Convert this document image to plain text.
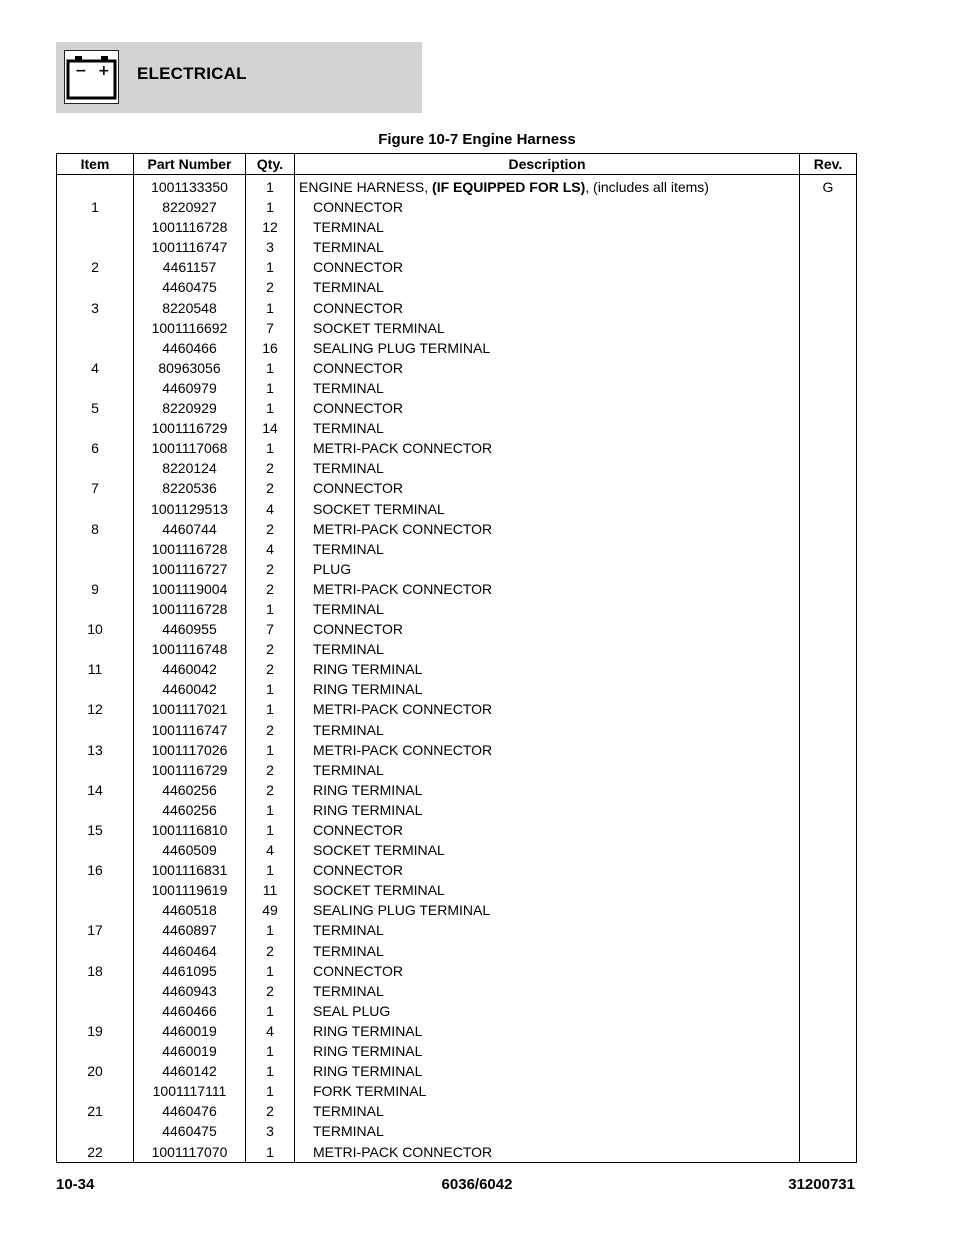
− + ELECTRICAL
Figure 10-7 Engine Harness
Item	Part Number	Qty.	Description	Rev.
	1001133350	1	ENGINE HARNESS, (IF EQUIPPED FOR LS), (includes all items)	G
1	8220927	1	CONNECTOR	
	1001116728	12	TERMINAL	
	1001116747	3	TERMINAL	
2	4461157	1	CONNECTOR	
	4460475	2	TERMINAL	
3	8220548	1	CONNECTOR	
	1001116692	7	SOCKET TERMINAL	
	4460466	16	SEALING PLUG TERMINAL	
4	80963056	1	CONNECTOR	
	4460979	1	TERMINAL	
5	8220929	1	CONNECTOR	
	1001116729	14	TERMINAL	
6	1001117068	1	METRI-PACK CONNECTOR	
	8220124	2	TERMINAL	
7	8220536	2	CONNECTOR	
	1001129513	4	SOCKET TERMINAL	
8	4460744	2	METRI-PACK CONNECTOR	
	1001116728	4	TERMINAL	
	1001116727	2	PLUG	
9	1001119004	2	METRI-PACK CONNECTOR	
	1001116728	1	TERMINAL	
10	4460955	7	CONNECTOR	
	1001116748	2	TERMINAL	
11	4460042	2	RING TERMINAL	
	4460042	1	RING TERMINAL	
12	1001117021	1	METRI-PACK CONNECTOR	
	1001116747	2	TERMINAL	
13	1001117026	1	METRI-PACK CONNECTOR	
	1001116729	2	TERMINAL	
14	4460256	2	RING TERMINAL	
	4460256	1	RING TERMINAL	
15	1001116810	1	CONNECTOR	
	4460509	4	SOCKET TERMINAL	
16	1001116831	1	CONNECTOR	
	1001119619	11	SOCKET TERMINAL	
	4460518	49	SEALING PLUG TERMINAL	
17	4460897	1	TERMINAL	
	4460464	2	TERMINAL	
18	4461095	1	CONNECTOR	
	4460943	2	TERMINAL	
	4460466	1	SEAL PLUG	
19	4460019	4	RING TERMINAL	
	4460019	1	RING TERMINAL	
20	4460142	1	RING TERMINAL	
	1001117111	1	FORK TERMINAL	
21	4460476	2	TERMINAL	
	4460475	3	TERMINAL	
22	1001117070	1	METRI-PACK CONNECTOR	
10-34	6036/6042	31200731
